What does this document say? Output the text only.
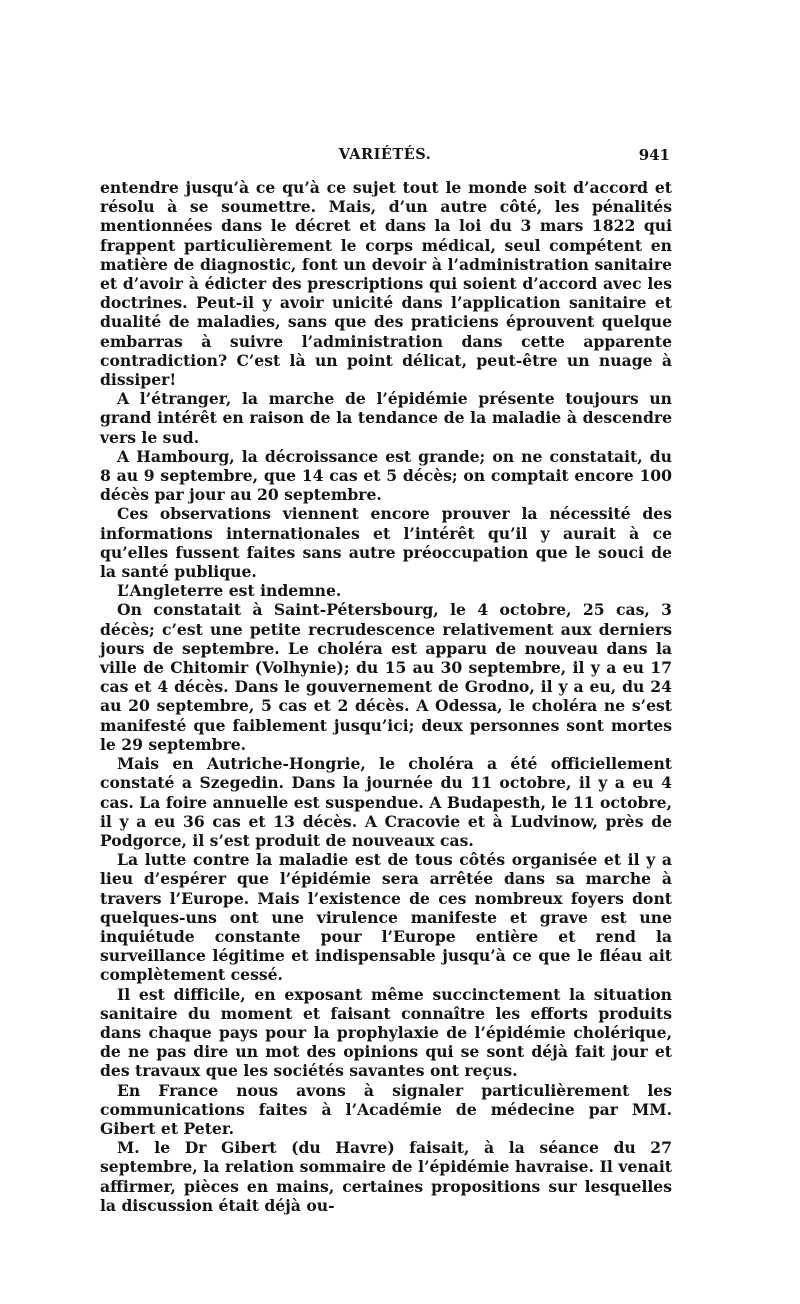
VARIÉTÉS.	941

entendre jusqu’à ce qu’à ce sujet tout le monde soit d’accord et résolu à se soumettre. Mais, d’un autre côté, les pénalités mentionnées dans le décret et dans la loi du 3 mars 1822 qui frappent particulièrement le corps médical, seul compétent en matière de diagnostic, font un devoir à l’administration sanitaire et d’avoir à édicter des prescriptions qui soient d’accord avec les doctrines. Peut-il y avoir unicité dans l’application sanitaire et dualité de maladies, sans que des praticiens éprouvent quelque embarras à suivre l’administration dans cette apparente contradiction? C’est là un point délicat, peut-être un nuage à dissiper!

A l’étranger, la marche de l’épidémie présente toujours un grand intérêt en raison de la tendance de la maladie à descendre vers le sud.

A Hambourg, la décroissance est grande; on ne constatait, du 8 au 9 septembre, que 14 cas et 5 décès; on comptait encore 100 décès par jour au 20 septembre.

Ces observations viennent encore prouver la nécessité des informations internationales et l’intérêt qu’il y aurait à ce qu’elles fussent faites sans autre préoccupation que le souci de la santé publique.

L’Angleterre est indemne.

On constatait à Saint-Pétersbourg, le 4 octobre, 25 cas, 3 décès; c’est une petite recrudescence relativement aux derniers jours de septembre. Le choléra est apparu de nouveau dans la ville de Chitomir (Volhynie); du 15 au 30 septembre, il y a eu 17 cas et 4 décès. Dans le gouvernement de Grodno, il y a eu, du 24 au 20 septembre, 5 cas et 2 décès. A Odessa, le choléra ne s’est manifesté que faiblement jusqu’ici; deux personnes sont mortes le 29 septembre.

Mais en Autriche-Hongrie, le choléra a été officiellement constaté a Szegedin. Dans la journée du 11 octobre, il y a eu 4 cas. La foire annuelle est suspendue. A Budapesth, le 11 octobre, il y a eu 36 cas et 13 décès. A Cracovie et à Ludvinow, près de Podgorce, il s’est produit de nouveaux cas.

La lutte contre la maladie est de tous côtés organisée et il y a lieu d’espérer que l’épidémie sera arrêtée dans sa marche à travers l’Europe. Mais l’existence de ces nombreux foyers dont quelques-uns ont une virulence manifeste et grave est une inquiétude constante pour l’Europe entière et rend la surveillance légitime et indispensable jusqu’à ce que le fléau ait complètement cessé.

Il est difficile, en exposant même succinctement la situation sanitaire du moment et faisant connaître les efforts produits dans chaque pays pour la prophylaxie de l’épidémie cholérique, de ne pas dire un mot des opinions qui se sont déjà fait jour et des travaux que les sociétés savantes ont reçus.

En France nous avons à signaler particulièrement les communications faites à l’Académie de médecine par MM. Gibert et Peter.

M. le Dr Gibert (du Havre) faisait, à la séance du 27 septembre, la relation sommaire de l’épidémie havraise. Il venait affirmer, pièces en mains, certaines propositions sur lesquelles la discussion était déjà ou-
